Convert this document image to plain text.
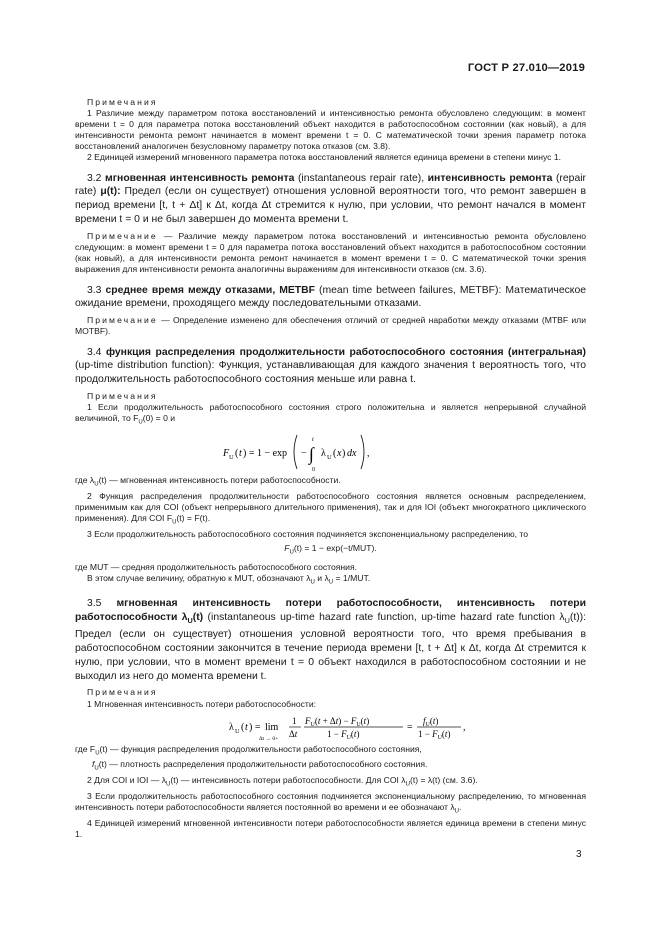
ГОСТ Р 27.010—2019

Примечания

1 Различие между параметром потока восстановлений и интенсивностью ремонта обусловлено следующим: в момент времени t = 0 для параметра потока восстановлений объект находится в работоспособном состоянии (как новый), а для интенсивности ремонта ремонт начинается в момент времени t = 0. С математической точки зрения параметр потока восстановлений аналогичен безусловному параметру потока отказов (см. 3.8).

2 Единицей измерений мгновенного параметра потока восстановлений является единица времени в степени минус 1.

3.2 мгновенная интенсивность ремонта (instantaneous repair rate), интенсивность ремонта (repair rate) μ(t): Предел (если он существует) отношения условной вероятности того, что ремонт завершен в период времени [t, t + Δt] к Δt, когда Δt стремится к нулю, при условии, что ремонт начался в момент времени t = 0 и не был завершен до момента времени t.

Примечание — Различие между параметром потока восстановлений и интенсивностью ремонта обусловлено следующим: в момент времени t = 0 для параметра потока восстановлений объект находится в работоспособном состоянии (как новый), а для интенсивности ремонта ремонт начинается в момент времени t = 0. С математической точки зрения выражения для интенсивности ремонта аналогичны выражениям для интенсивности отказов (см. 3.6).

3.3 среднее время между отказами, METBF (mean time between failures, METBF): Математическое ожидание времени, проходящего между последовательными отказами.

Примечание — Определение изменено для обеспечения отличий от средней наработки между отказами (MTBF или MOTBF).

3.4 функция распределения продолжительности работоспособного состояния (интегральная) (up-time distribution function): Функция, устанавливающая для каждого значения t вероятность того, что продолжительность работоспособного состояния меньше или равна t.

Примечания

1 Если продолжительность работоспособного состояния строго положительна и является непрерывной случайной величиной, то $F_U(0) = 0$ и

F U ( t ) = 1 − exp − ∫
t
0
λ U ( x ) dx ,

где $\lambda_U(t)$ — мгновенная интенсивность потери работоспособности.

2 Функция распределения продолжительности работоспособного состояния является основным распределением, применимым как для COI (объект непрерывного длительного применения), так и для IOI (объект многократного циклического применения). Для COI $F_U(t) = F(t)$.

3 Если продолжительность работоспособного состояния подчиняется экспоненциальному распределению, то

$F_U(t) = 1 - \exp(-t/MUT)$.

где MUT — средняя продолжительность работоспособного состояния.

В этом случае величину, обратную к MUT, обозначают $\lambda_U$ и $\lambda_U = 1/MUT$.

3.5 мгновенная интенсивность потери работоспособности, интенсивность потери работоспособности $\lambda_U(t)$ (instantaneous up-time hazard rate function, up-time hazard rate function $\lambda_U(t)$): Предел (если он существует) отношения условной вероятности того, что время пребывания в работоспособном состоянии закончится в течение периода времени [t, t + Δt] к Δt, когда Δt стремится к нулю, при условии, что в момент времени t = 0 объект находился в работоспособном состоянии и не выходил из него до момента времени t.

Примечания

1 Мгновенная интенсивность потери работоспособности:

λ U ( t ) = lim
Δt → 0+
1
Δt
$F_U(t + \Delta t) - F_U(t)$
$1 - F_U(t)$
=
$f_U(t)$
$1 - F_U(t)$
,

где $F_U(t)$ — функция распределения продолжительности работоспособного состояния,

$f_U(t)$ — плотность распределения продолжительности работоспособного состояния.

2 Для COI и IOI — $\lambda_U(t)$ — интенсивность потери работоспособности. Для COI $\lambda_U(t) = \lambda(t)$ (см. 3.6).

3 Если продолжительность работоспособного состояния подчиняется экспоненциальному распределению, то мгновенная интенсивность потери работоспособности является постоянной во времени и ее обозначают $\lambda_U$.

4 Единицей измерений мгновенной интенсивности потери работоспособности является единица времени в степени минус 1.

3
